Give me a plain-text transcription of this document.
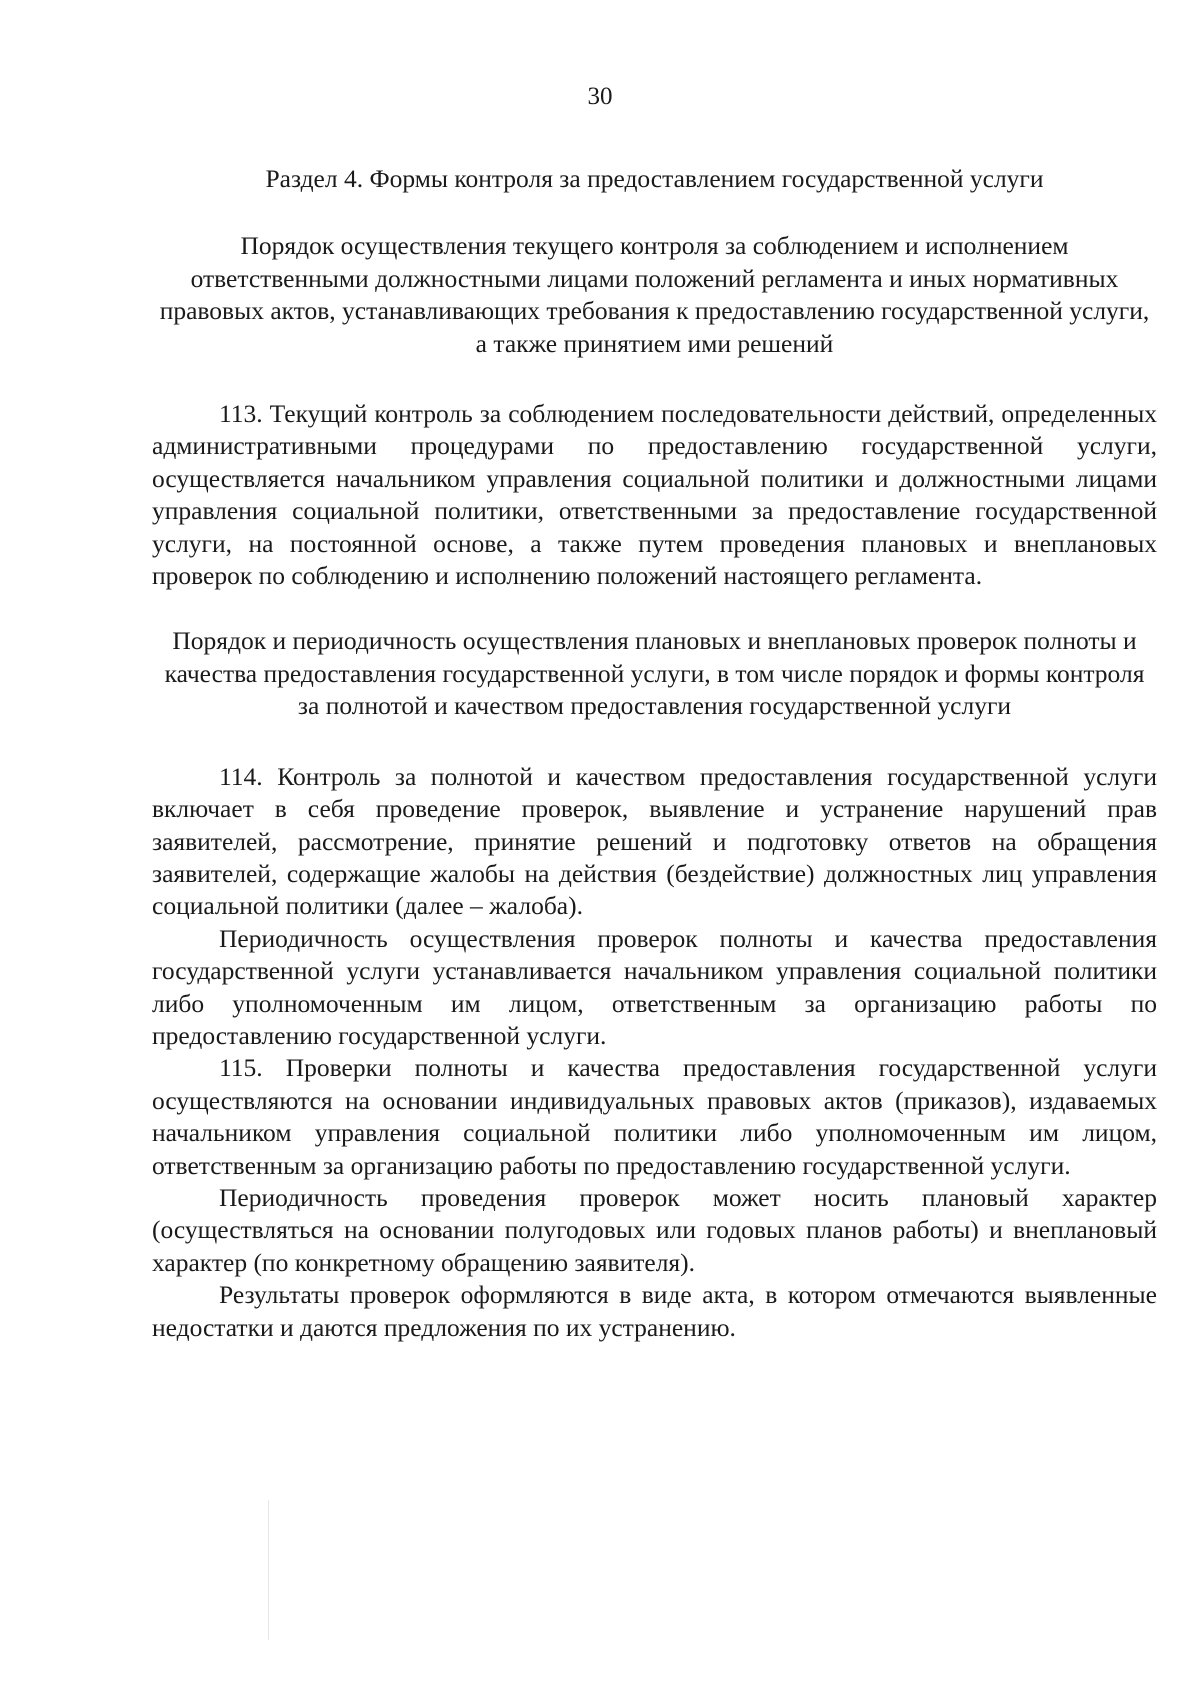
30

Раздел 4. Формы контроля за предоставлением государственной услуги

Порядок осуществления текущего контроля за соблюдением и исполнением ответственными должностными лицами положений регламента и иных нормативных правовых актов, устанавливающих требования к предоставлению государственной услуги, а также принятием ими решений

113. Текущий контроль за соблюдением последовательности действий, определенных административными процедурами по предоставлению государственной услуги, осуществляется начальником управления социальной политики и должностными лицами управления социальной политики, ответственными за предоставление государственной услуги, на постоянной основе, а также путем проведения плановых и внеплановых проверок по соблюдению и исполнению положений настоящего регламента.

Порядок и периодичность осуществления плановых и внеплановых проверок полноты и качества предоставления государственной услуги, в том числе порядок и формы контроля за полнотой и качеством предоставления государственной услуги

114. Контроль за полнотой и качеством предоставления государственной услуги включает в себя проведение проверок, выявление и устранение нарушений прав заявителей, рассмотрение, принятие решений и подготовку ответов на обращения заявителей, содержащие жалобы на действия (бездействие) должностных лиц управления социальной политики (далее – жалоба).

Периодичность осуществления проверок полноты и качества предоставления государственной услуги устанавливается начальником управления социальной политики либо уполномоченным им лицом, ответственным за организацию работы по предоставлению государственной услуги.

115. Проверки полноты и качества предоставления государственной услуги осуществляются на основании индивидуальных правовых актов (приказов), издаваемых начальником управления социальной политики либо уполномоченным им лицом, ответственным за организацию работы по предоставлению государственной услуги.

Периодичность проведения проверок может носить плановый характер (осуществляться на основании полугодовых или годовых планов работы) и внеплановый характер (по конкретному обращению заявителя).

Результаты проверок оформляются в виде акта, в котором отмечаются выявленные недостатки и даются предложения по их устранению.
